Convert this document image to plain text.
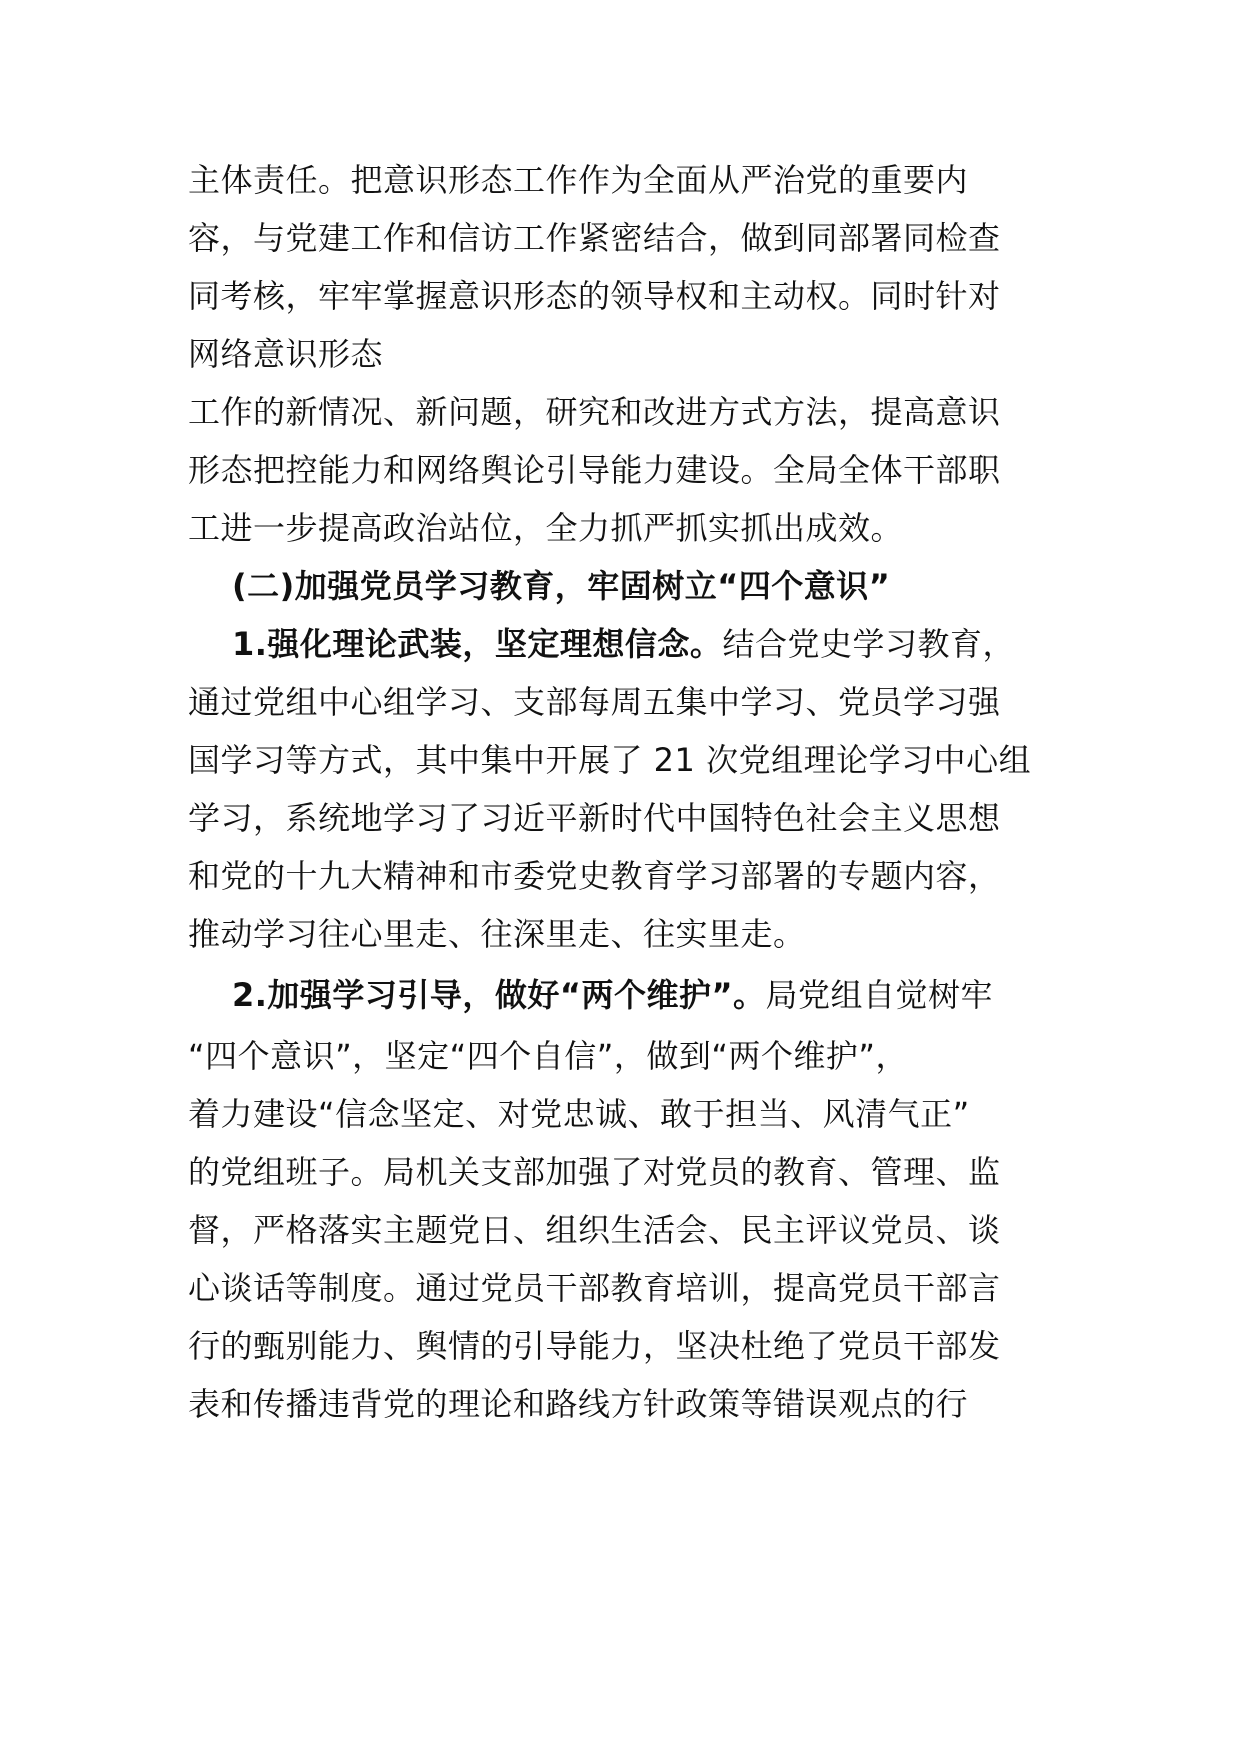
主体责任。把意识形态工作作为全面从严治党的重要内
容，与党建工作和信访工作紧密结合，做到同部署同检查
同考核，牢牢掌握意识形态的领导权和主动权。同时针对
网络意识形态
工作的新情况、新问题，研究和改进方式方法，提高意识
形态把控能力和网络舆论引导能力建设。全局全体干部职
工进一步提高政治站位，全力抓严抓实抓出成效。
(二)加强党员学习教育，牢固树立“四个意识”
1.强化理论武装，坚定理想信念。结合党史学习教育，
通过党组中心组学习、支部每周五集中学习、党员学习强
国学习等方式，其中集中开展了 21 次党组理论学习中心组
学习，系统地学习了习近平新时代中国特色社会主义思想
和党的十九大精神和市委党史教育学习部署的专题内容，
推动学习往心里走、往深里走、往实里走。
2.加强学习引导，做好“两个维护”。局党组自觉树牢
“四个意识”，坚定“四个自信”，做到“两个维护”，
着力建设“信念坚定、对党忠诚、敢于担当、风清气正”
的党组班子。局机关支部加强了对党员的教育、管理、监
督，严格落实主题党日、组织生活会、民主评议党员、谈
心谈话等制度。通过党员干部教育培训，提高党员干部言
行的甄别能力、舆情的引导能力，坚决杜绝了党员干部发
表和传播违背党的理论和路线方针政策等错误观点的行
